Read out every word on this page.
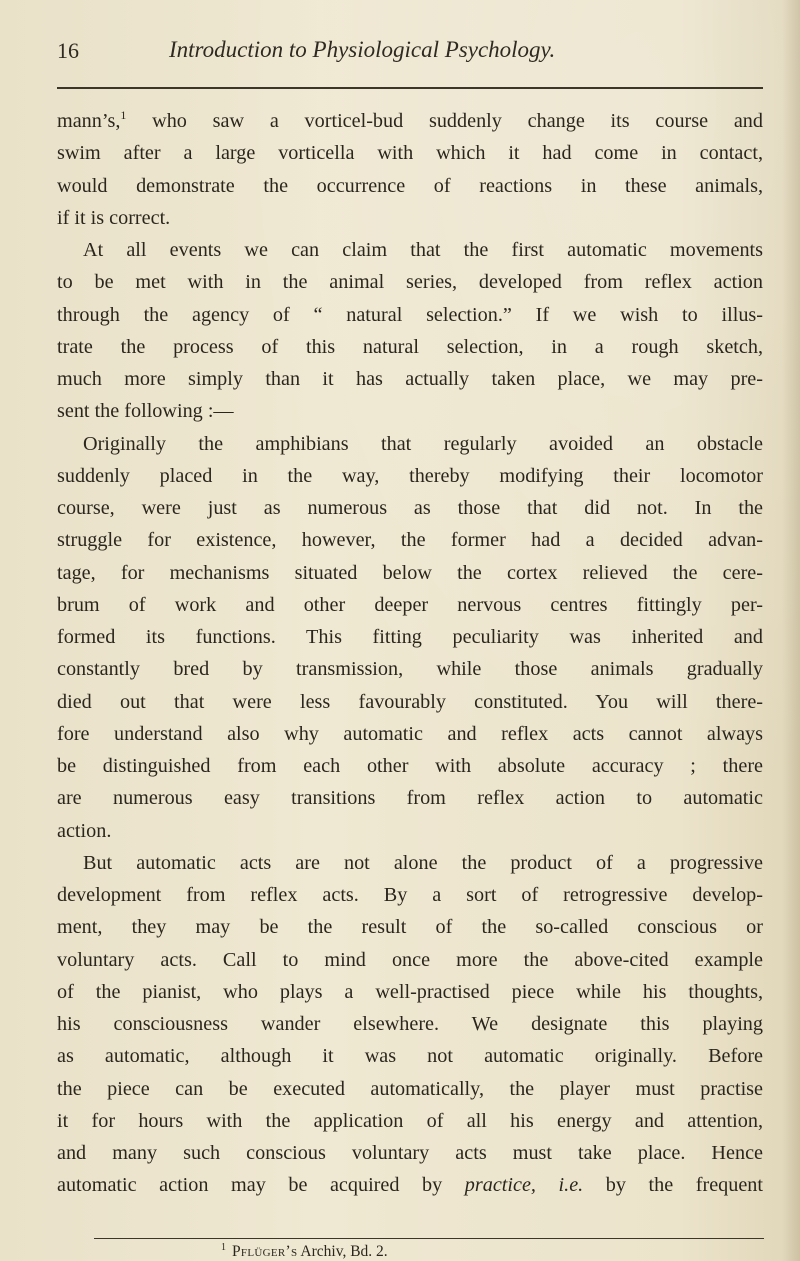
16	Introduction to Physiological Psychology.
mann’s,$^1$ who saw a vorticel-bud suddenly change its course and
swim after a large vorticella with which it had come in contact,
would demonstrate the occurrence of reactions in these animals,
if it is correct.
At all events we can claim that the first automatic movements
to be met with in the animal series, developed from reflex action
through the agency of “ natural selection.” If we wish to illus-
trate the process of this natural selection, in a rough sketch,
much more simply than it has actually taken place, we may pre-
sent the following :—
Originally the amphibians that regularly avoided an obstacle
suddenly placed in the way, thereby modifying their locomotor
course, were just as numerous as those that did not. In the
struggle for existence, however, the former had a decided advan-
tage, for mechanisms situated below the cortex relieved the cere-
brum of work and other deeper nervous centres fittingly per-
formed its functions. This fitting peculiarity was inherited and
constantly bred by transmission, while those animals gradually
died out that were less favourably constituted. You will there-
fore understand also why automatic and reflex acts cannot always
be distinguished from each other with absolute accuracy ; there
are numerous easy transitions from reflex action to automatic
action.
But automatic acts are not alone the product of a progressive
development from reflex acts. By a sort of retrogressive develop-
ment, they may be the result of the so-called conscious or
voluntary acts. Call to mind once more the above-cited example
of the pianist, who plays a well-practised piece while his thoughts,
his consciousness wander elsewhere. We designate this playing
as automatic, although it was not automatic originally. Before
the piece can be executed automatically, the player must practise
it for hours with the application of all his energy and attention,
and many such conscious voluntary acts must take place. Hence
automatic action may be acquired by practice, i.e. by the frequent
$^1$ Pflüger’s Archiv, Bd. 2.
